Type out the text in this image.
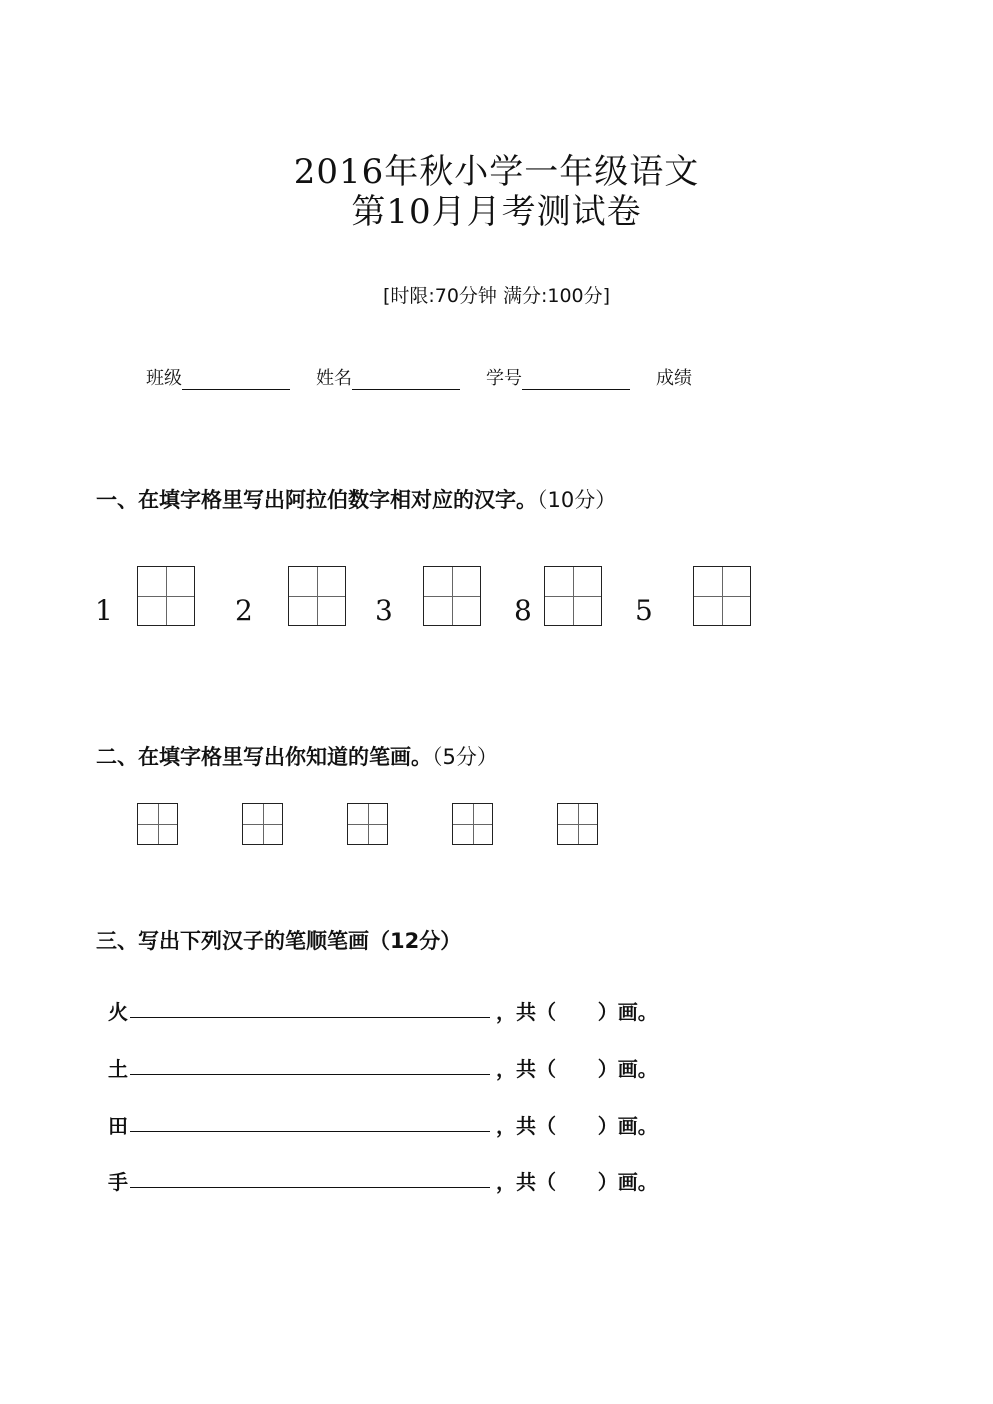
2016年秋小学一年级语文
第10月月考测试卷
[时限:70分钟 满分:100分]
班级	姓名	学号	成绩
一、在填字格里写出阿拉伯数字相对应的汉字。（10分）
1	2	3	8	5
二、在填字格里写出你知道的笔画。（5分）
三、写出下列汉子的笔顺笔画（12分）
火	，共（      ）画。
土	，共（      ）画。
田	，共（      ）画。
手	，共（      ）画。
